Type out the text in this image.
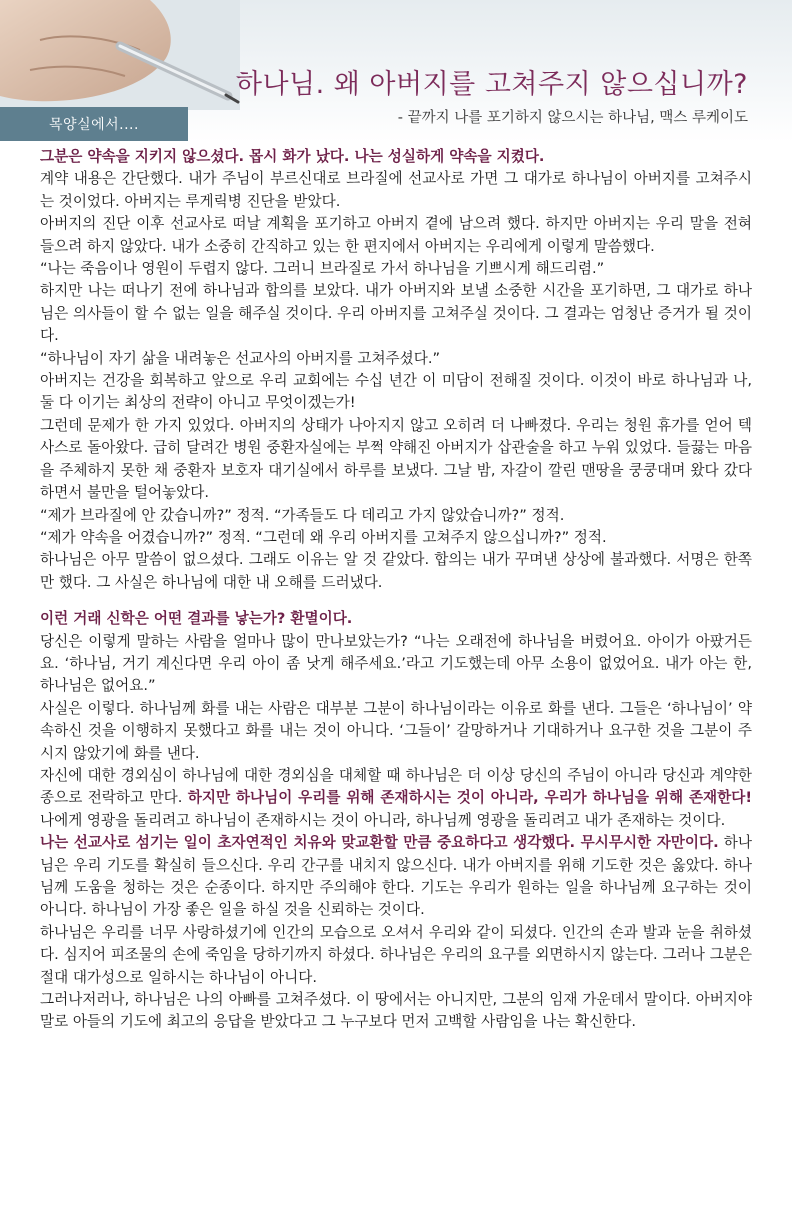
하나님. 왜 아버지를 고쳐주지 않으십니까?
- 끝까지 나를 포기하지 않으시는 하나님, 맥스 루케이도
목양실에서....

그분은 약속을 지키지 않으셨다. 몹시 화가 났다. 나는 성실하게 약속을 지켰다.

계약 내용은 간단했다. 내가 주님이 부르신대로 브라질에 선교사로 가면 그 대가로 하나님이 아버지를 고쳐주시는 것이었다. 아버지는 루게릭병 진단을 받았다.

아버지의 진단 이후 선교사로 떠날 계획을 포기하고 아버지 곁에 남으려 했다. 하지만 아버지는 우리 말을 전혀 들으려 하지 않았다. 내가 소중히 간직하고 있는 한 편지에서 아버지는 우리에게 이렇게 말씀했다.

“나는 죽음이나 영원이 두렵지 않다. 그러니 브라질로 가서 하나님을 기쁘시게 해드리렴.”

하지만 나는 떠나기 전에 하나님과 합의를 보았다. 내가 아버지와 보낼 소중한 시간을 포기하면, 그 대가로 하나님은 의사들이 할 수 없는 일을 해주실 것이다. 우리 아버지를 고쳐주실 것이다. 그 결과는 엄청난 증거가 될 것이다.

“하나님이 자기 삶을 내려놓은 선교사의 아버지를 고쳐주셨다.”

아버지는 건강을 회복하고 앞으로 우리 교회에는 수십 년간 이 미담이 전해질 것이다. 이것이 바로 하나님과 나, 둘 다 이기는 최상의 전략이 아니고 무엇이겠는가!

그런데 문제가 한 가지 있었다. 아버지의 상태가 나아지지 않고 오히려 더 나빠졌다. 우리는 청원 휴가를 얻어 텍사스로 돌아왔다. 급히 달려간 병원 중환자실에는 부쩍 약해진 아버지가 삽관술을 하고 누워 있었다. 들끓는 마음을 주체하지 못한 채 중환자 보호자 대기실에서 하루를 보냈다. 그날 밤, 자갈이 깔린 맨땅을 쿵쿵대며 왔다 갔다 하면서 불만을 털어놓았다.

“제가 브라질에 안 갔습니까?” 정적. “가족들도 다 데리고 가지 않았습니까?” 정적.

“제가 약속을 어겼습니까?” 정적. “그런데 왜 우리 아버지를 고쳐주지 않으십니까?” 정적.

하나님은 아무 말씀이 없으셨다. 그래도 이유는 알 것 같았다. 합의는 내가 꾸며낸 상상에 불과했다. 서명은 한쪽만 했다. 그 사실은 하나님에 대한 내 오해를 드러냈다.

이런 거래 신학은 어떤 결과를 낳는가? 환멸이다.

당신은 이렇게 말하는 사람을 얼마나 많이 만나보았는가? “나는 오래전에 하나님을 버렸어요. 아이가 아팠거든요. ‘하나님, 거기 계신다면 우리 아이 좀 낫게 해주세요.’라고 기도했는데 아무 소용이 없었어요. 내가 아는 한, 하나님은 없어요.”

사실은 이렇다. 하나님께 화를 내는 사람은 대부분 그분이 하나님이라는 이유로 화를 낸다. 그들은 ‘하나님이’ 약속하신 것을 이행하지 못했다고 화를 내는 것이 아니다. ‘그들이’ 갈망하거나 기대하거나 요구한 것을 그분이 주시지 않았기에 화를 낸다.

자신에 대한 경외심이 하나님에 대한 경외심을 대체할 때 하나님은 더 이상 당신의 주님이 아니라 당신과 계약한 종으로 전락하고 만다. 하지만 하나님이 우리를 위해 존재하시는 것이 아니라, 우리가 하나님을 위해 존재한다! 나에게 영광을 돌리려고 하나님이 존재하시는 것이 아니라, 하나님께 영광을 돌리려고 내가 존재하는 것이다.

나는 선교사로 섬기는 일이 초자연적인 치유와 맞교환할 만큼 중요하다고 생각했다. 무시무시한 자만이다. 하나님은 우리 기도를 확실히 들으신다. 우리 간구를 내치지 않으신다. 내가 아버지를 위해 기도한 것은 옳았다. 하나님께 도움을 청하는 것은 순종이다. 하지만 주의해야 한다. 기도는 우리가 원하는 일을 하나님께 요구하는 것이 아니다. 하나님이 가장 좋은 일을 하실 것을 신뢰하는 것이다.

하나님은 우리를 너무 사랑하셨기에 인간의 모습으로 오셔서 우리와 같이 되셨다. 인간의 손과 발과 눈을 취하셨다. 심지어 피조물의 손에 죽임을 당하기까지 하셨다. 하나님은 우리의 요구를 외면하시지 않는다. 그러나 그분은 절대 대가성으로 일하시는 하나님이 아니다.

그러나저러나, 하나님은 나의 아빠를 고쳐주셨다. 이 땅에서는 아니지만, 그분의 임재 가운데서 말이다. 아버지야말로 아들의 기도에 최고의 응답을 받았다고 그 누구보다 먼저 고백할 사람임을 나는 확신한다.
